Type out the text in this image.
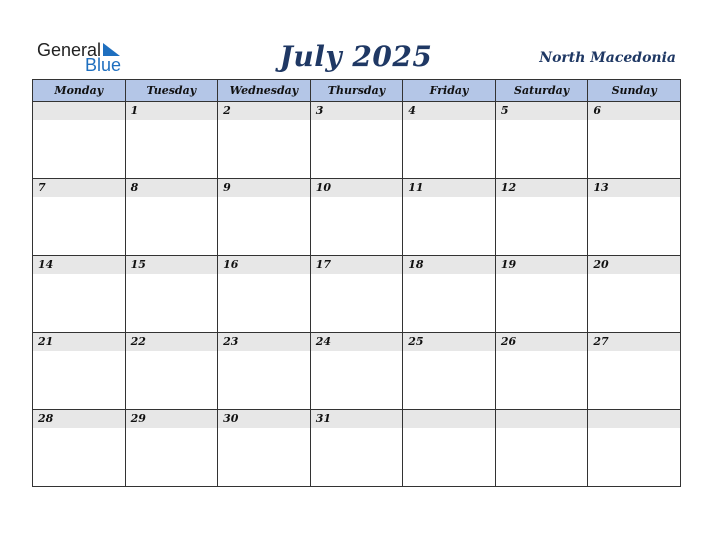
General
Blue	July 2025	North Macedonia
Monday	Tuesday	Wednesday	Thursday	Friday	Saturday	Sunday

	1	2	3	4	5	6

7	8	9	10	11	12	13

14	15	16	17	18	19	20

21	22	23	24	25	26	27

28	29	30	31			
